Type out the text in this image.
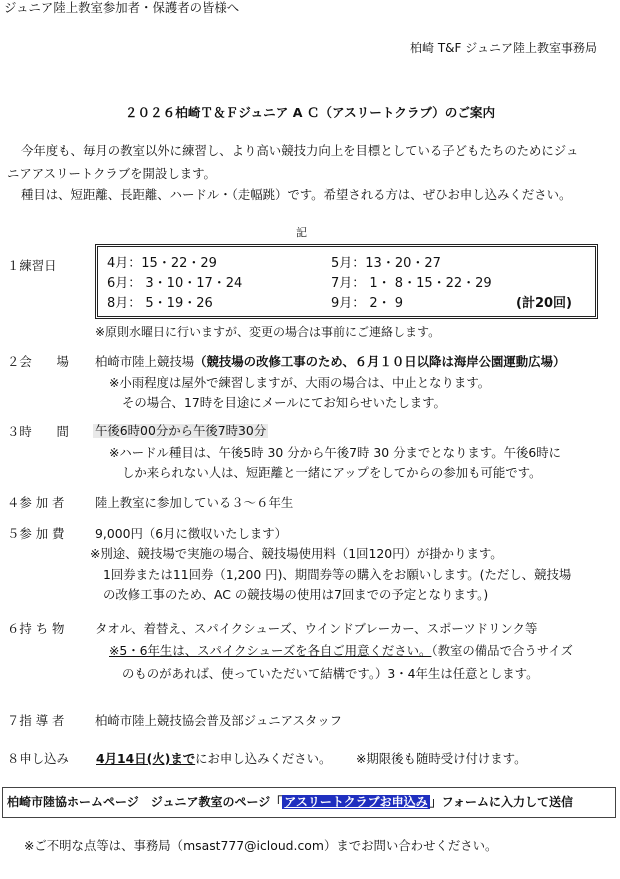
ジュニア陸上教室参加者・保護者の皆様へ
柏崎 T&F ジュニア陸上教室事務局
２０２６柏崎Ｔ＆Ｆジュニア A Ｃ（アスリートクラブ）のご案内
今年度も、毎月の教室以外に練習し、より高い競技力向上を目標としている子どもたちのためにジュ
ニアアスリートクラブを開設します。
種目は、短距離、長距離、ハードル・（走幅跳）です。希望される方は、ぜひお申し込みください。
記
１練習日	4月：15・22・29	5月：13・20・27
6月： 3・10・17・24	7月： 1・ 8・15・22・29
8月： 5・19・26	9月： 2・ 9	(計20回)
※原則水曜日に行いますが、変更の場合は事前にご連絡します。
２会　　場 柏崎市陸上競技場（競技場の改修工事のため、６月１０日以降は海岸公園運動広場）
※小雨程度は屋外で練習しますが、大雨の場合は、中止となります。
その場合、17時を目途にメールにてお知らせいたします。
３時　　間 午後6時00分から午後7時30分
※ハードル種目は、午後5時 30 分から午後7時 30 分までとなります。午後6時に
しか来られない人は、短距離と一緒にアップをしてからの参加も可能です。
４参 加 者 陸上教室に参加している３～６年生
５参 加 費 9,000円（6月に徴収いたします）
※別途、競技場で実施の場合、競技場使用料（1回120円）が掛かります。
1回券または11回券（1,200 円)、期間券等の購入をお願いします。(ただし、競技場
の改修工事のため、AC の競技場の使用は7回までの予定となります。)
６持 ち 物 タオル、着替え、スパイクシューズ、ウインドブレーカー、スポーツドリンク等
※5・6年生は、スパイクシューズを各自ご用意ください。（教室の備品で合うサイズ
のものがあれば、使っていただいて結構です。）3・4年生は任意とします。
７指 導 者 柏崎市陸上競技協会普及部ジュニアスタッフ
８申し込み 4月14日(火)までにお申し込みください。 ※期限後も随時受け付けます。
柏崎市陸協ホームページ　ジュニア教室のページ「 アスリートクラブお申込み 」フォームに入力して送信
※ご不明な点等は、事務局（msast777@icloud.com）までお問い合わせください。
